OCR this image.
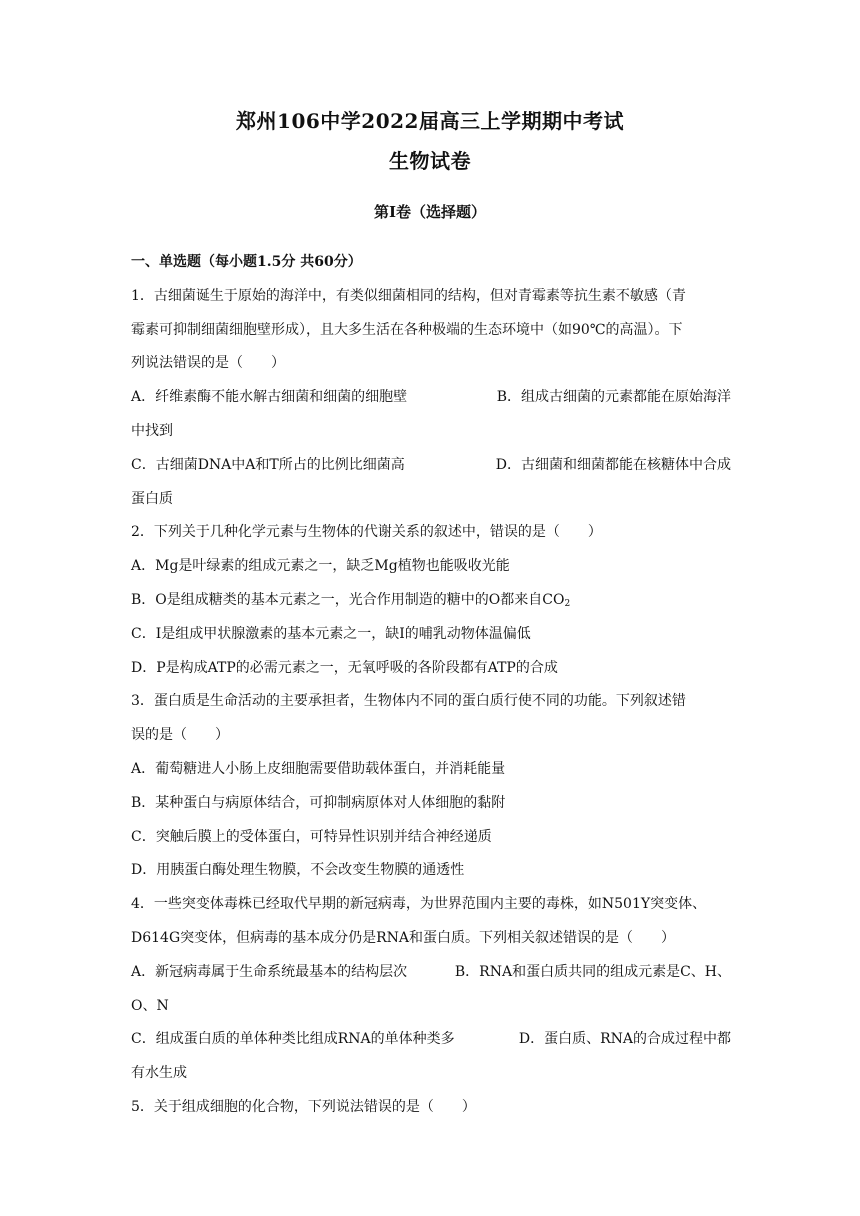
郑州106中学2022届高三上学期期中考试
生物试卷
第Ⅰ卷（选择题）
一、单选题（每小题1.5分 共60分）
1．古细菌诞生于原始的海洋中，有类似细菌相同的结构，但对青霉素等抗生素不敏感（青
霉素可抑制细菌细胞壁形成），且大多生活在各种极端的生态环境中（如90℃的高温）。下
列说法错误的是（　　）
A．纤维素酶不能水解古细菌和细菌的细胞壁	B．组成古细菌的元素都能在原始海洋
中找到
C．古细菌DNA中A和T所占的比例比细菌高	D．古细菌和细菌都能在核糖体中合成
蛋白质
2．下列关于几种化学元素与生物体的代谢关系的叙述中，错误的是（　　）
A．Mg是叶绿素的组成元素之一，缺乏Mg植物也能吸收光能
B．O是组成糖类的基本元素之一，光合作用制造的糖中的O都来自$CO_2$
C．I是组成甲状腺激素的基本元素之一，缺I的哺乳动物体温偏低
D．P是构成ATP的必需元素之一，无氧呼吸的各阶段都有ATP的合成
3．蛋白质是生命活动的主要承担者，生物体内不同的蛋白质行使不同的功能。下列叙述错
误的是（　　）
A．葡萄糖进人小肠上皮细胞需要借助载体蛋白，并消耗能量
B．某种蛋白与病原体结合，可抑制病原体对人体细胞的黏附
C．突触后膜上的受体蛋白，可特异性识别并结合神经递质
D．用胰蛋白酶处理生物膜，不会改变生物膜的通透性
4．一些突变体毒株已经取代早期的新冠病毒，为世界范围内主要的毒株，如N501Y突变体、
D614G突变体，但病毒的基本成分仍是RNA和蛋白质。下列相关叙述错误的是（　　）
A．新冠病毒属于生命系统最基本的结构层次	B．RNA和蛋白质共同的组成元素是C、H、
O、N
C．组成蛋白质的单体种类比组成RNA的单体种类多	D．蛋白质、RNA的合成过程中都
有水生成
5．关于组成细胞的化合物，下列说法错误的是（　　）
